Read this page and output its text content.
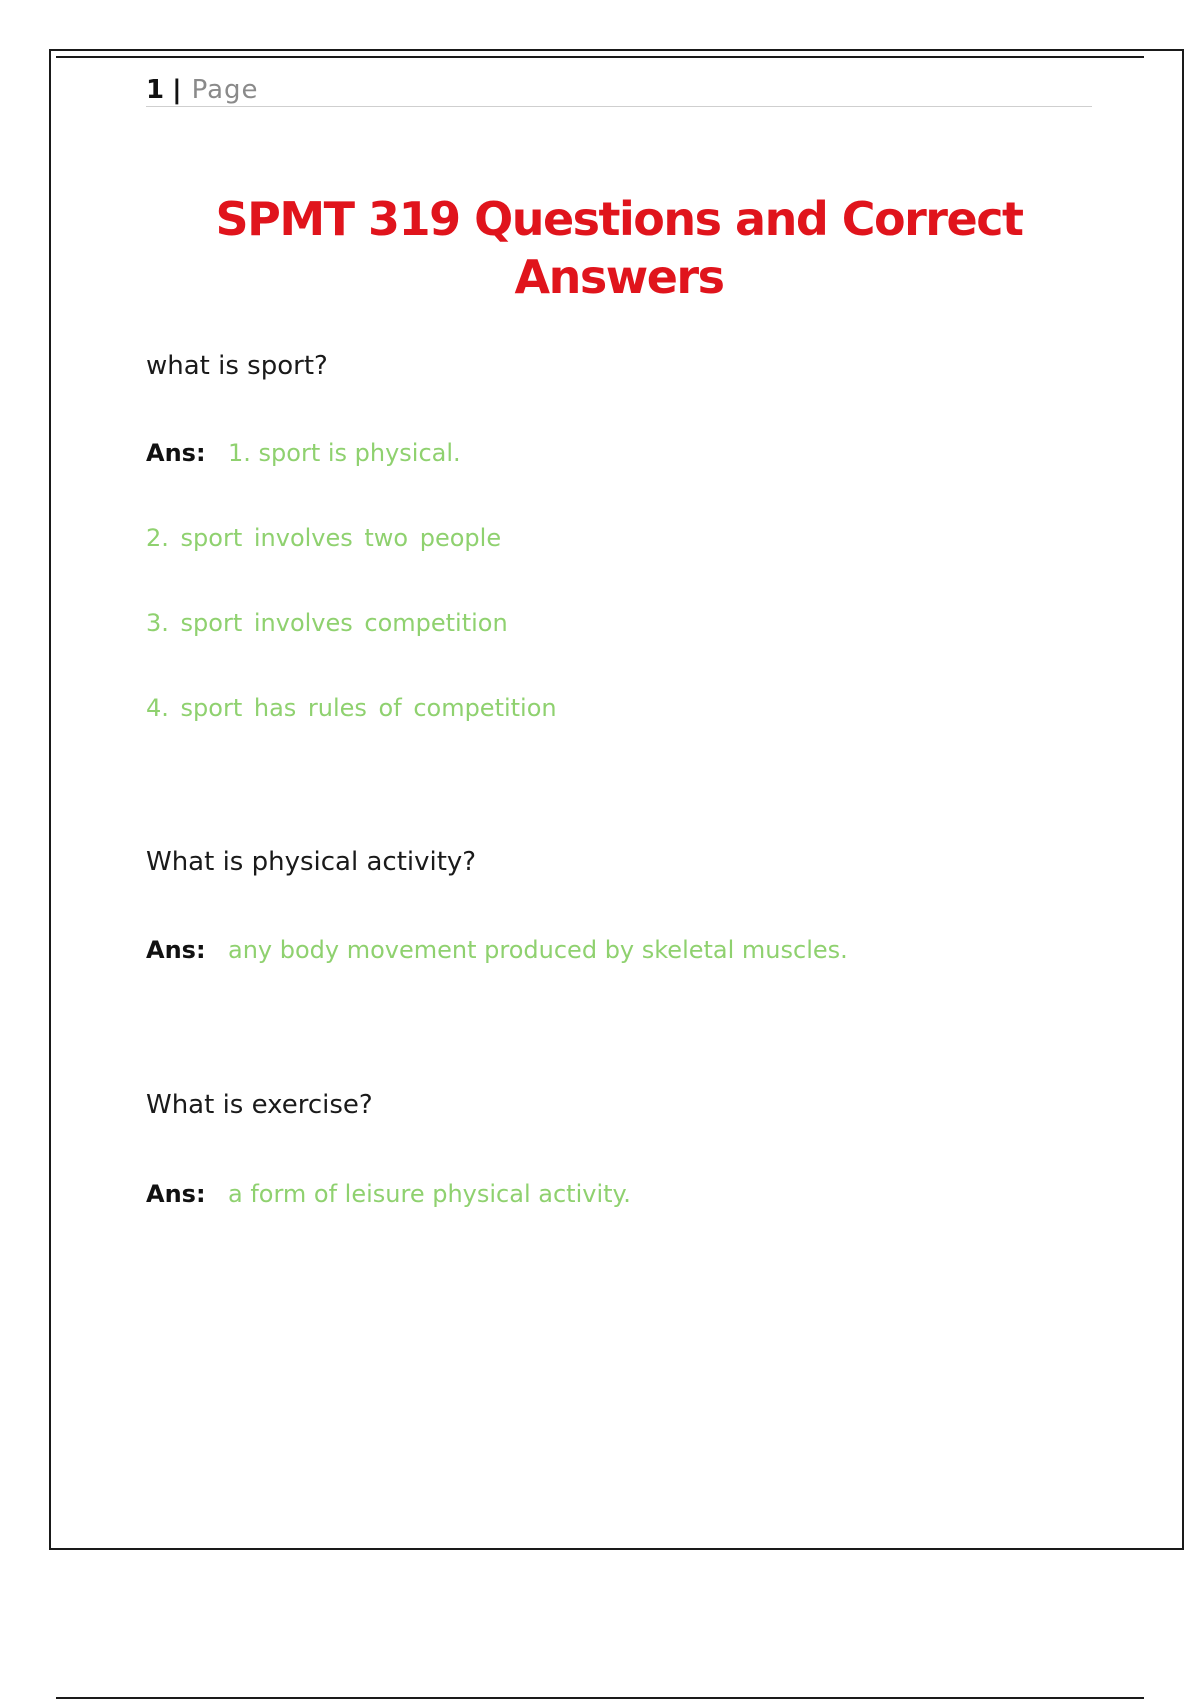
1 | Page
SPMT 319 Questions and Correct Answers

what is sport?

Ans: 1. sport is physical.
2. sport involves two people
3. sport involves competition
4. sport has rules of competition

What is physical activity?

Ans: any body movement produced by skeletal muscles.

What is exercise?

Ans: a form of leisure physical activity.
